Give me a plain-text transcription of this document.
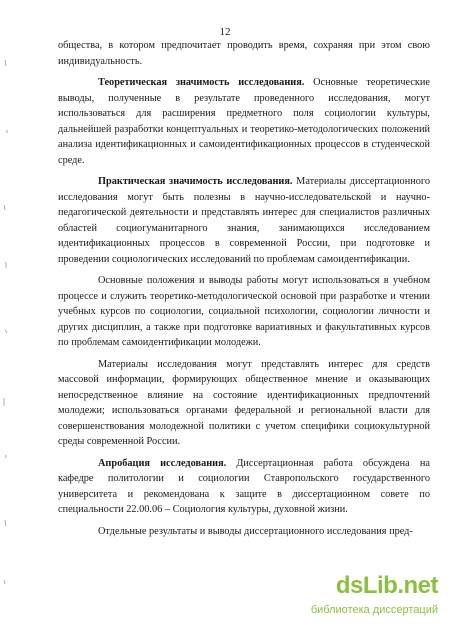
12

общества, в котором предпочитает проводить время, сохраняя при этом свою индивидуальность.

Теоретическая значимость исследования. Основные теоретические выводы, полученные в результате проведенного исследования, могут использоваться для расширения предметного поля социологии культуры, дальнейшей разработки концептуальных и теоретико-методологических положений анализа идентификационных и самоидентификационных процессов в студенческой среде.

Практическая значимость исследования. Материалы диссертационного исследования могут быть полезны в научно-исследовательской и научно-педагогической деятельности и представлять интерес для специалистов различных областей социогуманитарного знания, занимающихся исследованием идентификационных процессов в современной России, при подготовке и проведении социологических исследований по проблемам самоидентификации.

Основные положения и выводы работы могут использоваться в учебном процессе и служить теоретико-методологической основой при разработке и чтении учебных курсов по социологии, социальной психологии, социологии личности и других дисциплин, а также при подготовке вариативных и факультативных курсов по проблемам самоидентификации молодежи.

Материалы исследования могут представлять интерес для средств массовой информации, формирующих общественное мнение и оказывающих непосредственное влияние на состояние идентификационных предпочтений молодежи; использоваться органами федеральной и региональной власти для совершенствования молодежной политики с учетом специфики социокультурной среды современной России.

Апробация исследования. Диссертационная работа обсуждена на кафедре политологии и социологии Ставропольского государственного университета и рекомендована к защите в диссертационном совете по специальности 22.00.06 – Социология культуры, духовной жизни.

Отдельные результаты и выводы диссертационного исследования пред-

dsLib.net
библиотека диссертаций
